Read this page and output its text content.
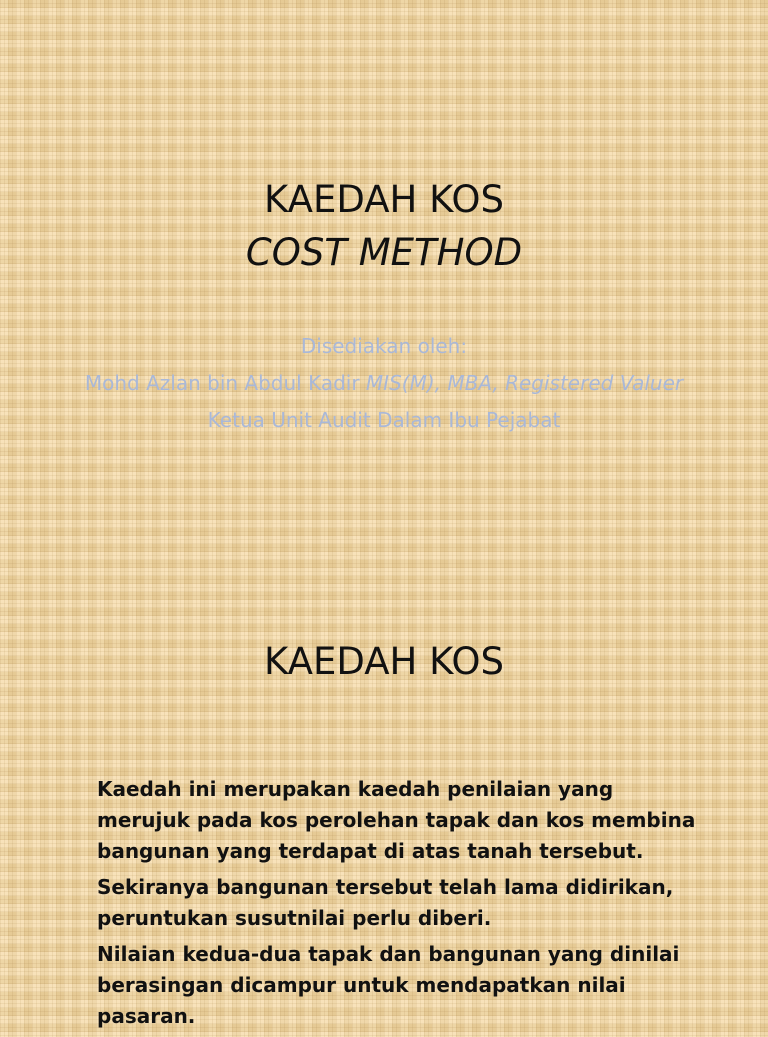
KAEDAH KOS
COST METHOD
Disediakan oleh:
Mohd Azlan bin Abdul Kadir MIS(M), MBA, Registered Valuer
Ketua Unit Audit Dalam Ibu Pejabat
KAEDAH KOS

Kaedah ini merupakan kaedah penilaian yang merujuk pada kos perolehan tapak dan kos membina bangunan yang terdapat di atas tanah tersebut.

Sekiranya bangunan tersebut telah lama didirikan, peruntukan susutnilai perlu diberi.

Nilaian kedua-dua tapak dan bangunan yang dinilai berasingan dicampur untuk mendapatkan nilai pasaran.
